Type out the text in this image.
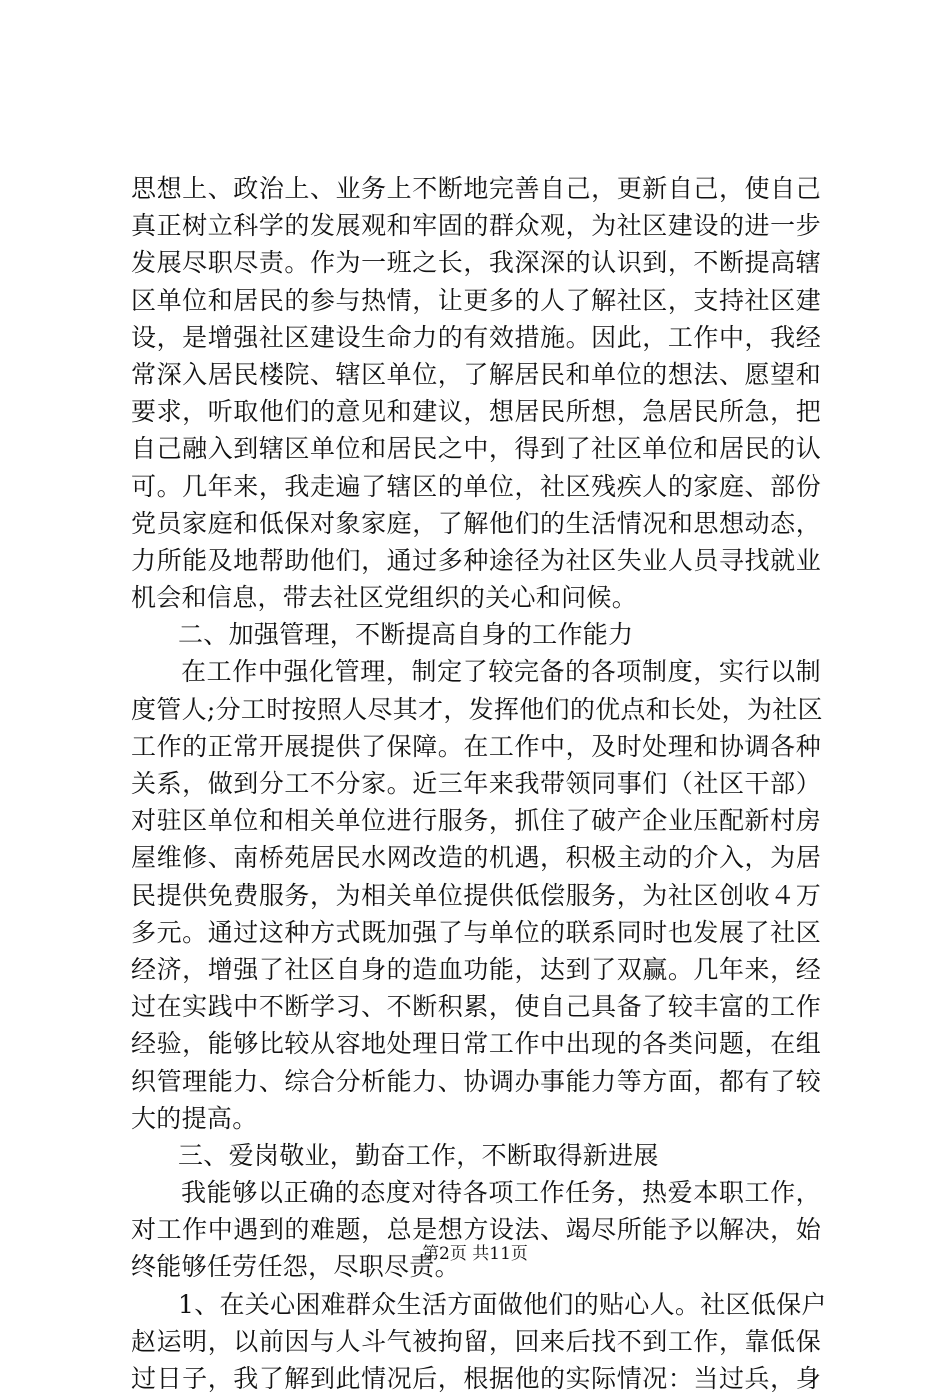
思想上、政治上、业务上不断地完善自己，更新自己，使自己
真正树立科学的发展观和牢固的群众观，为社区建设的进一步
发展尽职尽责。作为一班之长，我深深的认识到，不断提高辖
区单位和居民的参与热情，让更多的人了解社区，支持社区建
设，是增强社区建设生命力的有效措施。因此，工作中，我经
常深入居民楼院、辖区单位，了解居民和单位的想法、愿望和
要求，听取他们的意见和建议，想居民所想，急居民所急，把
自己融入到辖区单位和居民之中，得到了社区单位和居民的认
可。几年来，我走遍了辖区的单位，社区残疾人的家庭、部份
党员家庭和低保对象家庭，了解他们的生活情况和思想动态，
力所能及地帮助他们，通过多种途径为社区失业人员寻找就业
机会和信息，带去社区党组织的关心和问候。
二、加强管理，不断提高自身的工作能力
在工作中强化管理，制定了较完备的各项制度，实行以制
度管人;分工时按照人尽其才，发挥他们的优点和长处，为社区
工作的正常开展提供了保障。在工作中，及时处理和协调各种
关系，做到分工不分家。近三年来我带领同事们（社区干部）
对驻区单位和相关单位进行服务，抓住了破产企业压配新村房
屋维修、南桥苑居民水网改造的机遇，积极主动的介入，为居
民提供免费服务，为相关单位提供低偿服务，为社区创收４万
多元。通过这种方式既加强了与单位的联系同时也发展了社区
经济，增强了社区自身的造血功能，达到了双赢。几年来，经
过在实践中不断学习、不断积累，使自己具备了较丰富的工作
经验，能够比较从容地处理日常工作中出现的各类问题，在组
织管理能力、综合分析能力、协调办事能力等方面，都有了较
大的提高。
三、爱岗敬业，勤奋工作，不断取得新进展
我能够以正确的态度对待各项工作任务，热爱本职工作，
对工作中遇到的难题，总是想方设法、竭尽所能予以解决，始
终能够任劳任怨，尽职尽责。
1、在关心困难群众生活方面做他们的贴心人。社区低保户
赵运明，以前因与人斗气被拘留，回来后找不到工作，靠低保
过日子，我了解到此情况后，根据他的实际情况：当过兵，身
第2页 共11页
